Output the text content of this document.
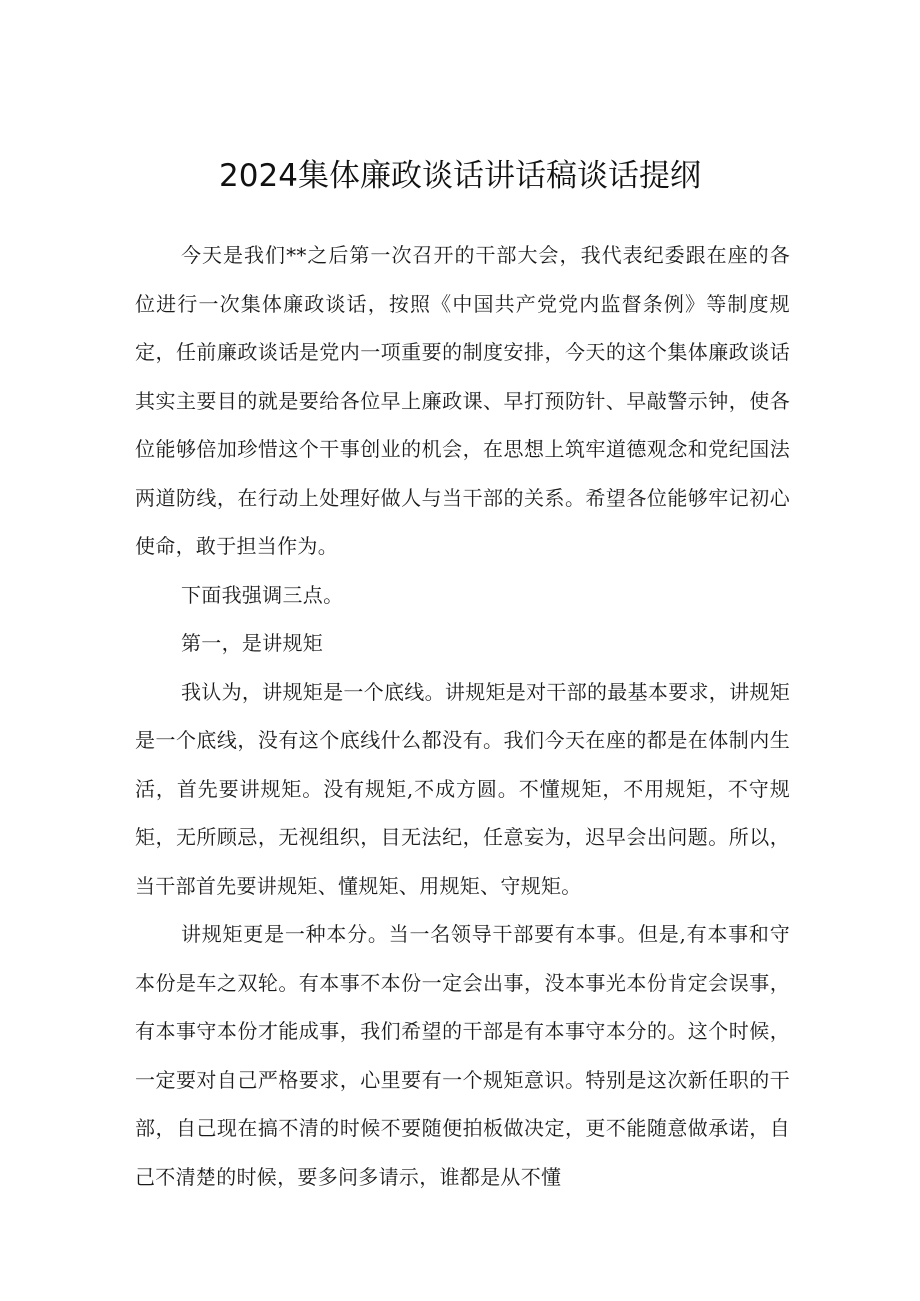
2024集体廉政谈话讲话稿谈话提纲

今天是我们**之后第一次召开的干部大会，我代表纪委跟在座的各位进行一次集体廉政谈话，按照《中国共产党党内监督条例》等制度规定，任前廉政谈话是党内一项重要的制度安排，今天的这个集体廉政谈话其实主要目的就是要给各位早上廉政课、早打预防针、早敲警示钟，使各位能够倍加珍惜这个干事创业的机会，在思想上筑牢道德观念和党纪国法两道防线，在行动上处理好做人与当干部的关系。希望各位能够牢记初心使命，敢于担当作为。

下面我强调三点。

第一，是讲规矩

我认为，讲规矩是一个底线。讲规矩是对干部的最基本要求，讲规矩是一个底线，没有这个底线什么都没有。我们今天在座的都是在体制内生活，首先要讲规矩。没有规矩,不成方圆。不懂规矩，不用规矩，不守规矩，无所顾忌，无视组织，目无法纪，任意妄为，迟早会出问题。所以，当干部首先要讲规矩、懂规矩、用规矩、守规矩。

讲规矩更是一种本分。当一名领导干部要有本事。但是,有本事和守本份是车之双轮。有本事不本份一定会出事，没本事光本份肯定会误事，有本事守本份才能成事，我们希望的干部是有本事守本分的。这个时候，一定要对自己严格要求，心里要有一个规矩意识。特别是这次新任职的干部，自己现在搞不清的时候不要随便拍板做决定，更不能随意做承诺，自己不清楚的时候，要多问多请示，谁都是从不懂
